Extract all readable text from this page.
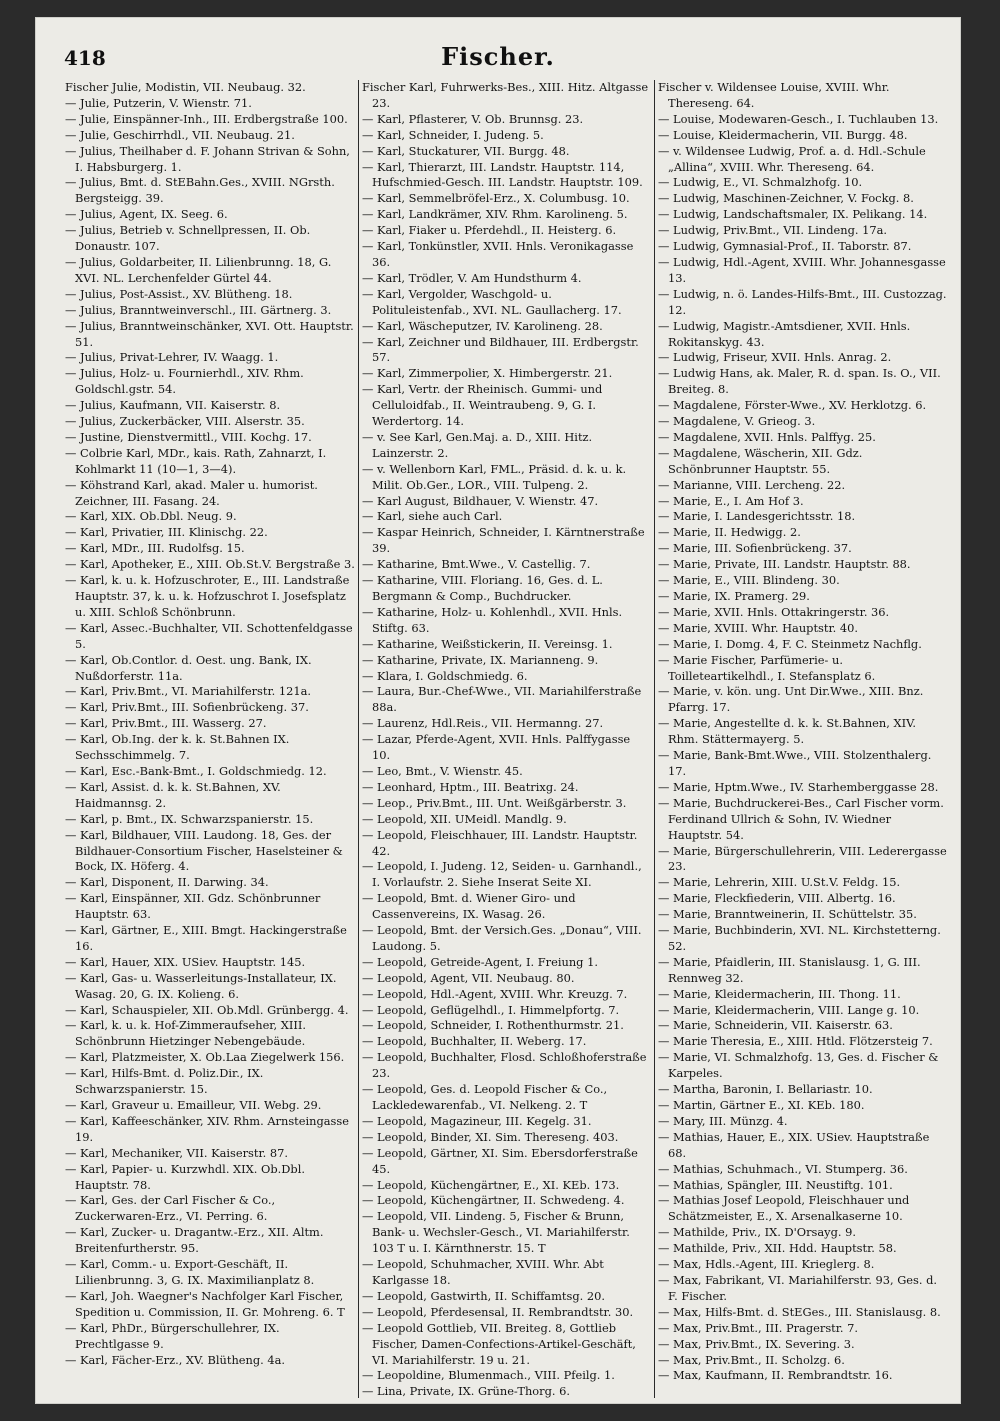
418	Fischer.

Fischer Julie, Modistin, VII. Neubaug. 32.

— Julie, Putzerin, V. Wienstr. 71.

— Julie, Einspänner-Inh., III. Erdbergstraße 100.

— Julie, Geschirrhdl., VII. Neubaug. 21.

— Julius, Theilhaber d. F. Johann Strivan & Sohn, I. Habsburgerg. 1.

— Julius, Bmt. d. StEBahn.Ges., XVIII. NGrsth. Bergsteigg. 39.

— Julius, Agent, IX. Seeg. 6.

— Julius, Betrieb v. Schnellpressen, II. Ob. Donaustr. 107.

— Julius, Goldarbeiter, II. Lilienbrunng. 18, G. XVI. NL. Lerchenfelder Gürtel 44.

— Julius, Post-Assist., XV. Blütheng. 18.

— Julius, Branntweinverschl., III. Gärtnerg. 3.

— Julius, Branntweinschänker, XVI. Ott. Hauptstr. 51.

— Julius, Privat-Lehrer, IV. Waagg. 1.

— Julius, Holz- u. Fournierhdl., XIV. Rhm. Goldschl.gstr. 54.

— Julius, Kaufmann, VII. Kaiserstr. 8.

— Julius, Zuckerbäcker, VIII. Alserstr. 35.

— Justine, Dienstvermittl., VIII. Kochg. 17.

— Colbrie Karl, MDr., kais. Rath, Zahnarzt, I. Kohlmarkt 11 (10—1, 3—4).

— Köhstrand Karl, akad. Maler u. humorist. Zeichner, III. Fasang. 24.

— Karl, XIX. Ob.Dbl. Neug. 9.

— Karl, Privatier, III. Klinischg. 22.

— Karl, MDr., III. Rudolfsg. 15.

— Karl, Apotheker, E., XIII. Ob.St.V. Bergstraße 3.

— Karl, k. u. k. Hofzuschroter, E., III. Landstraße Hauptstr. 37, k. u. k. Hofzuschrot I. Josefsplatz u. XIII. Schloß Schönbrunn.

— Karl, Assec.-Buchhalter, VII. Schottenfeldgasse 5.

— Karl, Ob.Contlor. d. Oest. ung. Bank, IX. Nußdorferstr. 11a.

— Karl, Priv.Bmt., VI. Mariahilferstr. 121a.

— Karl, Priv.Bmt., III. Sofienbrückeng. 37.

— Karl, Priv.Bmt., III. Wasserg. 27.

— Karl, Ob.Ing. der k. k. St.Bahnen IX. Sechsschimmelg. 7.

— Karl, Esc.-Bank-Bmt., I. Goldschmiedg. 12.

— Karl, Assist. d. k. k. St.Bahnen, XV. Haidmannsg. 2.

— Karl, p. Bmt., IX. Schwarzspanierstr. 15.

— Karl, Bildhauer, VIII. Laudong. 18, Ges. der Bildhauer-Consortium Fischer, Haselsteiner & Bock, IX. Höferg. 4.

— Karl, Disponent, II. Darwing. 34.

— Karl, Einspänner, XII. Gdz. Schönbrunner Hauptstr. 63.

— Karl, Gärtner, E., XIII. Bmgt. Hackingerstraße 16.

— Karl, Hauer, XIX. USiev. Hauptstr. 145.

— Karl, Gas- u. Wasserleitungs-Installateur, IX. Wasag. 20, G. IX. Kolieng. 6.

— Karl, Schauspieler, XII. Ob.Mdl. Grünbergg. 4.

— Karl, k. u. k. Hof-Zimmeraufseher, XIII. Schönbrunn Hietzinger Nebengebäude.

— Karl, Platzmeister, X. Ob.Laa Ziegelwerk 156.

— Karl, Hilfs-Bmt. d. Poliz.Dir., IX. Schwarzspanierstr. 15.

— Karl, Graveur u. Emailleur, VII. Webg. 29.

— Karl, Kaffeeschänker, XIV. Rhm. Arnsteingasse 19.

— Karl, Mechaniker, VII. Kaiserstr. 87.

— Karl, Papier- u. Kurzwhdl. XIX. Ob.Dbl. Hauptstr. 78.

— Karl, Ges. der Carl Fischer & Co., Zuckerwaren-Erz., VI. Perring. 6.

— Karl, Zucker- u. Dragantw.-Erz., XII. Altm. Breitenfurtherstr. 95.

— Karl, Comm.- u. Export-Geschäft, II. Lilienbrunng. 3, G. IX. Maximilianplatz 8.

— Karl, Joh. Waegner's Nachfolger Karl Fischer, Spedition u. Commission, II. Gr. Mohreng. 6. T

— Karl, PhDr., Bürgerschullehrer, IX. Prechtlgasse 9.

— Karl, Fächer-Erz., XV. Blütheng. 4a.

Fischer Karl, Fuhrwerks-Bes., XIII. Hitz. Altgasse 23.

— Karl, Pflasterer, V. Ob. Brunnsg. 23.

— Karl, Schneider, I. Judeng. 5.

— Karl, Stuckaturer, VII. Burgg. 48.

— Karl, Thierarzt, III. Landstr. Hauptstr. 114, Hufschmied-Gesch. III. Landstr. Hauptstr. 109.

— Karl, Semmelbröfel-Erz., X. Columbusg. 10.

— Karl, Landkrämer, XIV. Rhm. Karolineng. 5.

— Karl, Fiaker u. Pferdehdl., II. Heisterg. 6.

— Karl, Tonkünstler, XVII. Hnls. Veronikagasse 36.

— Karl, Trödler, V. Am Hundsthurm 4.

— Karl, Vergolder, Waschgold- u. Polituleistenfab., XVI. NL. Gaullacherg. 17.

— Karl, Wäscheputzer, IV. Karolineng. 28.

— Karl, Zeichner und Bildhauer, III. Erdbergstr. 57.

— Karl, Zimmerpolier, X. Himbergerstr. 21.

— Karl, Vertr. der Rheinisch. Gummi- und Celluloidfab., II. Weintraubeng. 9, G. I. Werdertorg. 14.

— v. See Karl, Gen.Maj. a. D., XIII. Hitz. Lainzerstr. 2.

— v. Wellenborn Karl, FML., Präsid. d. k. u. k. Milit. Ob.Ger., LOR., VIII. Tulpeng. 2.

— Karl August, Bildhauer, V. Wienstr. 47.

— Karl, siehe auch Carl.

— Kaspar Heinrich, Schneider, I. Kärntnerstraße 39.

— Katharine, Bmt.Wwe., V. Castellig. 7.

— Katharine, VIII. Floriang. 16, Ges. d. L. Bergmann & Comp., Buchdrucker.

— Katharine, Holz- u. Kohlenhdl., XVII. Hnls. Stiftg. 63.

— Katharine, Weißstickerin, II. Vereinsg. 1.

— Katharine, Private, IX. Marianneng. 9.

— Klara, I. Goldschmiedg. 6.

— Laura, Bur.-Chef-Wwe., VII. Mariahilferstraße 88a.

— Laurenz, Hdl.Reis., VII. Hermanng. 27.

— Lazar, Pferde-Agent, XVII. Hnls. Palffygasse 10.

— Leo, Bmt., V. Wienstr. 45.

— Leonhard, Hptm., III. Beatrixg. 24.

— Leop., Priv.Bmt., III. Unt. Weißgärberstr. 3.

— Leopold, XII. UMeidl. Mandlg. 9.

— Leopold, Fleischhauer, III. Landstr. Hauptstr. 42.

— Leopold, I. Judeng. 12, Seiden- u. Garnhandl., I. Vorlaufstr. 2. Siehe Inserat Seite XI.

— Leopold, Bmt. d. Wiener Giro- und Cassenvereins, IX. Wasag. 26.

— Leopold, Bmt. der Versich.Ges. „Donau“, VIII. Laudong. 5.

— Leopold, Getreide-Agent, I. Freiung 1.

— Leopold, Agent, VII. Neubaug. 80.

— Leopold, Hdl.-Agent, XVIII. Whr. Kreuzg. 7.

— Leopold, Geflügelhdl., I. Himmelpfortg. 7.

— Leopold, Schneider, I. Rothenthurmstr. 21.

— Leopold, Buchhalter, II. Weberg. 17.

— Leopold, Buchhalter, Flosd. Schloßhoferstraße 23.

— Leopold, Ges. d. Leopold Fischer & Co., Lackledewarenfab., VI. Nelkeng. 2. T

— Leopold, Magazineur, III. Kegelg. 31.

— Leopold, Binder, XI. Sim. Thereseng. 403.

— Leopold, Gärtner, XI. Sim. Ebersdorferstraße 45.

— Leopold, Küchengärtner, E., XI. KEb. 173.

— Leopold, Küchengärtner, II. Schwedeng. 4.

— Leopold, VII. Lindeng. 5, Fischer & Brunn, Bank- u. Wechsler-Gesch., VI. Mariahilferstr. 103 T u. I. Kärnthnerstr. 15. T

— Leopold, Schuhmacher, XVIII. Whr. Abt Karlgasse 18.

— Leopold, Gastwirth, II. Schiffamtsg. 20.

— Leopold, Pferdesensal, II. Rembrandtstr. 30.

— Leopold Gottlieb, VII. Breiteg. 8, Gottlieb Fischer, Damen-Confections-Artikel-Geschäft, VI. Mariahilferstr. 19 u. 21.

— Leopoldine, Blumenmach., VIII. Pfeilg. 1.

— Lina, Private, IX. Grüne-Thorg. 6.

Fischer v. Wildensee Louise, XVIII. Whr. Thereseng. 64.

— Louise, Modewaren-Gesch., I. Tuchlauben 13.

— Louise, Kleidermacherin, VII. Burgg. 48.

— v. Wildensee Ludwig, Prof. a. d. Hdl.-Schule „Allina“, XVIII. Whr. Thereseng. 64.

— Ludwig, E., VI. Schmalzhofg. 10.

— Ludwig, Maschinen-Zeichner, V. Fockg. 8.

— Ludwig, Landschaftsmaler, IX. Pelikang. 14.

— Ludwig, Priv.Bmt., VII. Lindeng. 17a.

— Ludwig, Gymnasial-Prof., II. Taborstr. 87.

— Ludwig, Hdl.-Agent, XVIII. Whr. Johannesgasse 13.

— Ludwig, n. ö. Landes-Hilfs-Bmt., III. Custozzag. 12.

— Ludwig, Magistr.-Amtsdiener, XVII. Hnls. Rokitanskyg. 43.

— Ludwig, Friseur, XVII. Hnls. Anrag. 2.

— Ludwig Hans, ak. Maler, R. d. span. Is. O., VII. Breiteg. 8.

— Magdalene, Förster-Wwe., XV. Herklotzg. 6.

— Magdalene, V. Grieog. 3.

— Magdalene, XVII. Hnls. Palffyg. 25.

— Magdalene, Wäscherin, XII. Gdz. Schönbrunner Hauptstr. 55.

— Marianne, VIII. Lercheng. 22.

— Marie, E., I. Am Hof 3.

— Marie, I. Landesgerichtsstr. 18.

— Marie, II. Hedwigg. 2.

— Marie, III. Sofienbrückeng. 37.

— Marie, Private, III. Landstr. Hauptstr. 88.

— Marie, E., VIII. Blindeng. 30.

— Marie, IX. Pramerg. 29.

— Marie, XVII. Hnls. Ottakringerstr. 36.

— Marie, XVIII. Whr. Hauptstr. 40.

— Marie, I. Domg. 4, F. C. Steinmetz Nachflg.

— Marie Fischer, Parfümerie- u. Toilleteartikelhdl., I. Stefansplatz 6.

— Marie, v. kön. ung. Unt Dir.Wwe., XIII. Bnz. Pfarrg. 17.

— Marie, Angestellte d. k. k. St.Bahnen, XIV. Rhm. Stättermayerg. 5.

— Marie, Bank-Bmt.Wwe., VIII. Stolzenthalerg. 17.

— Marie, Hptm.Wwe., IV. Starhemberggasse 28.

— Marie, Buchdruckerei-Bes., Carl Fischer vorm. Ferdinand Ullrich & Sohn, IV. Wiedner Hauptstr. 54.

— Marie, Bürgerschullehrerin, VIII. Lederergasse 23.

— Marie, Lehrerin, XIII. U.St.V. Feldg. 15.

— Marie, Fleckfiederin, VIII. Albertg. 16.

— Marie, Branntweinerin, II. Schüttelstr. 35.

— Marie, Buchbinderin, XVI. NL. Kirchstetterng. 52.

— Marie, Pfaidlerin, III. Stanislausg. 1, G. III. Rennweg 32.

— Marie, Kleidermacherin, III. Thong. 11.

— Marie, Kleidermacherin, VIII. Lange g. 10.

— Marie, Schneiderin, VII. Kaiserstr. 63.

— Marie Theresia, E., XIII. Htld. Flötzersteig 7.

— Marie, VI. Schmalzhofg. 13, Ges. d. Fischer & Karpeles.

— Martha, Baronin, I. Bellariastr. 10.

— Martin, Gärtner E., XI. KEb. 180.

— Mary, III. Münzg. 4.

— Mathias, Hauer, E., XIX. USiev. Hauptstraße 68.

— Mathias, Schuhmach., VI. Stumperg. 36.

— Mathias, Spängler, III. Neustiftg. 101.

— Mathias Josef Leopold, Fleischhauer und Schätzmeister, E., X. Arsenalkaserne 10.

— Mathilde, Priv., IX. D'Orsayg. 9.

— Mathilde, Priv., XII. Hdd. Hauptstr. 58.

— Max, Hdls.-Agent, III. Krieglerg. 8.

— Max, Fabrikant, VI. Mariahilferstr. 93, Ges. d. F. Fischer.

— Max, Hilfs-Bmt. d. StEGes., III. Stanislausg. 8.

— Max, Priv.Bmt., III. Pragerstr. 7.

— Max, Priv.Bmt., IX. Severing. 3.

— Max, Priv.Bmt., II. Scholzg. 6.

— Max, Kaufmann, II. Rembrandtstr. 16.
